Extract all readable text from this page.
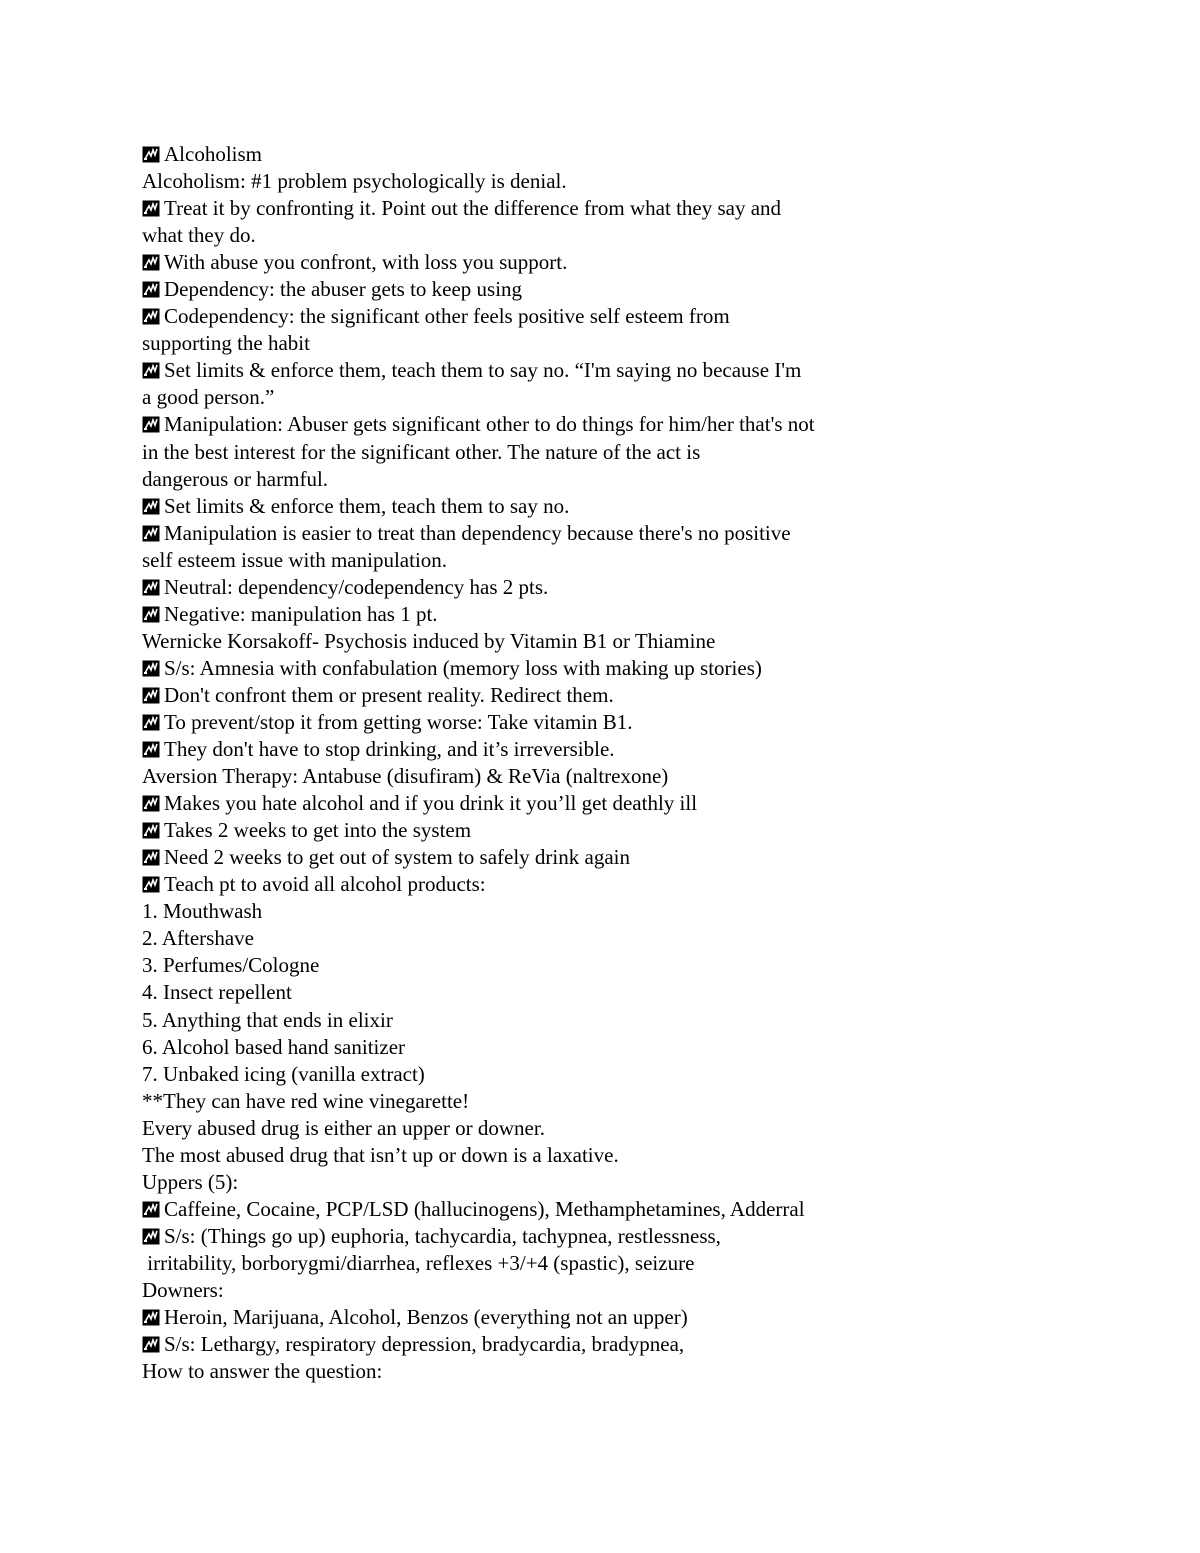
Alcoholism
Alcoholism: #1 problem psychologically is denial.
Treat it by confronting it. Point out the difference from what they say and
what they do.
With abuse you confront, with loss you support.
Dependency: the abuser gets to keep using
Codependency: the significant other feels positive self esteem from
supporting the habit
Set limits & enforce them, teach them to say no. “I'm saying no because I'm
a good person.”
Manipulation: Abuser gets significant other to do things for him/her that's not
in the best interest for the significant other. The nature of the act is
dangerous or harmful.
Set limits & enforce them, teach them to say no.
Manipulation is easier to treat than dependency because there's no positive
self esteem issue with manipulation.
Neutral: dependency/codependency has 2 pts.
Negative: manipulation has 1 pt.
Wernicke Korsakoff- Psychosis induced by Vitamin B1 or Thiamine
S/s: Amnesia with confabulation (memory loss with making up stories)
Don't confront them or present reality. Redirect them.
To prevent/stop it from getting worse: Take vitamin B1.
They don't have to stop drinking, and it’s irreversible.
Aversion Therapy: Antabuse (disufiram) & ReVia (naltrexone)
Makes you hate alcohol and if you drink it you’ll get deathly ill
Takes 2 weeks to get into the system
Need 2 weeks to get out of system to safely drink again
Teach pt to avoid all alcohol products:
1. Mouthwash
2. Aftershave
3. Perfumes/Cologne
4. Insect repellent
5. Anything that ends in elixir
6. Alcohol based hand sanitizer
7. Unbaked icing (vanilla extract)
**They can have red wine vinegarette!
Every abused drug is either an upper or downer.
The most abused drug that isn’t up or down is a laxative.
Uppers (5):
Caffeine, Cocaine, PCP/LSD (hallucinogens), Methamphetamines, Adderral
S/s: (Things go up) euphoria, tachycardia, tachypnea, restlessness,
irritability, borborygmi/diarrhea, reflexes +3/+4 (spastic), seizure
Downers:
Heroin, Marijuana, Alcohol, Benzos (everything not an upper)
S/s: Lethargy, respiratory depression, bradycardia, bradypnea,
How to answer the question:
